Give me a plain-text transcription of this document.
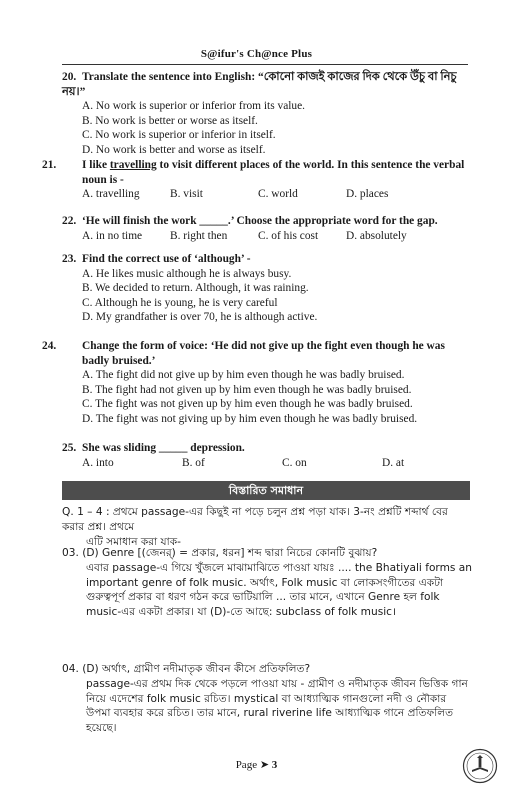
S@ifur's Ch@nce Plus
20. Translate the sentence into English: “কোনো কাজই কাজের দিক থেকে উঁচু বা নিচু নয়।”
A. No work is superior or inferior from its value.
B. No work is better or worse as itself.
C. No work is superior or inferior in itself.
D. No work is better and worse as itself.
21. I like travelling to visit different places of the world. In this sentence the verbal noun is -
A. travelling	B. visit	C. world	D. places
22. ‘He will finish the work _____.’ Choose the appropriate word for the gap.
A. in no time	B. right then	C. of his cost	D. absolutely
23. Find the correct use of ‘although’ -
A. He likes music although he is always busy.
B. We decided to return. Although, it was raining.
C. Although he is young, he is very careful
D. My grandfather is over 70, he is although active.
24. Change the form of voice: ‘He did not give up the fight even though he was badly bruised.’
A. The fight did not give up by him even though he was badly bruised.
B. The fight had not given up by him even though he was badly bruised.
C. The fight was not given up by him even though he was badly bruised.
D. The fight was not giving up by him even though he was badly bruised.
25. She was sliding _____ depression.
A. into	B. of	C. on	D. at
বিস্তারিত সমাধান
Q. 1 – 4 : প্রথমে passage-এর কিছুই না পড়ে চলুন প্রশ্ন পড়া যাক। 3-নং প্রশ্নটি শব্দার্থ বের করার প্রশ্ন। প্রথমে
এটি সমাধান করা যাক-
03. (D) Genre [(জেনর্) = প্রকার, ধরন] শব্দ দ্বারা নিচের কোনটি বুঝায়?
এবার passage-এ গিয়ে খুঁজলে মাঝামাঝিতে পাওয়া যায়ঃ .... the Bhatiyali forms an important genre of folk music. অর্থাৎ, Folk music বা লোকসংগীতের একটা গুরুত্বপূর্ণ প্রকার বা ধরণ গঠন করে ভাটিয়ালি ... তার মানে, এখানে Genre হল folk music-এর একটা প্রকার। যা (D)-তে আছে: subclass of folk music।
04. (D) অর্থাৎ, গ্রামীণ নদীমাতৃক জীবন কীসে প্রতিফলিত?
passage-এর প্রথম দিক থেকে পড়লে পাওয়া যায় - গ্রামীণ ও নদীমাতৃক জীবন ভিত্তিক গান নিয়ে এদেশের folk music রচিত। mystical বা আধ্যাত্মিক গানগুলো নদী ও নৌকার উপমা ব্যবহার করে রচিত। তার মানে, rural riverine life আধ্যাত্মিক গানে প্রতিফলিত হয়েছে।
Page ➤ 3
